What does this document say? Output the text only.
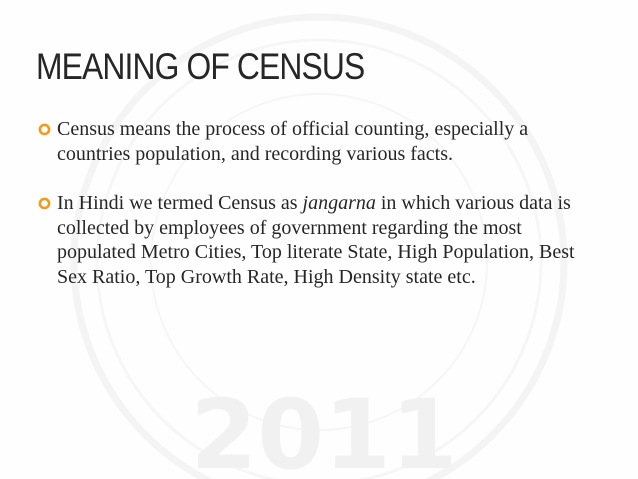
2011
MEANING OF CENSUS
Census means the process of official counting, especially a countries population, and recording various facts.
In Hindi we termed Census as jangarna in which various data is collected by employees of government regarding the most populated Metro Cities, Top literate State, High Population, Best Sex Ratio, Top Growth Rate, High Density state etc.
